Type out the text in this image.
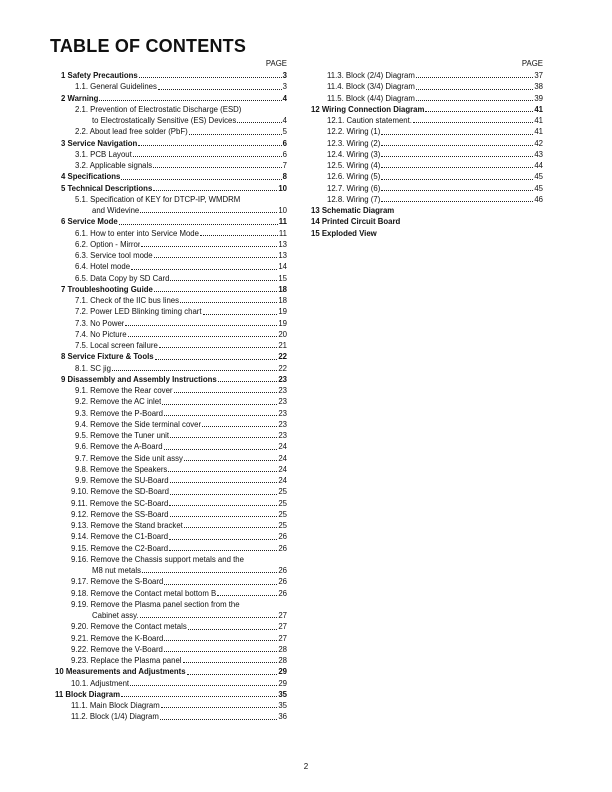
TABLE OF CONTENTS
PAGE
1 Safety Precautions	3
1.1. General Guidelines	3
2 Warning	4
2.1. Prevention of Electrostatic Discharge (ESD)
to Electrostatically Sensitive (ES) Devices	4
2.2. About lead free solder (PbF)	5
3 Service Navigation	6
3.1. PCB Layout	6
3.2. Applicable signals	7
4 Specifications	8
5 Technical Descriptions	10
5.1. Specification of KEY for DTCP-IP, WMDRM
and Widevine	10
6 Service Mode	11
6.1. How to enter into Service Mode	11
6.2. Option - Mirror	13
6.3. Service tool mode	13
6.4. Hotel mode	14
6.5. Data Copy by SD Card	15
7 Troubleshooting Guide	18
7.1. Check of the IIC bus lines	18
7.2. Power LED Blinking timing chart	19
7.3. No Power	19
7.4. No Picture	20
7.5. Local screen failure	21
8 Service Fixture & Tools	22
8.1. SC jig	22
9 Disassembly and Assembly Instructions	23
9.1. Remove the Rear cover	23
9.2. Remove the AC inlet	23
9.3. Remove the P-Board	23
9.4. Remove the Side terminal cover	23
9.5. Remove the Tuner unit	23
9.6. Remove the A-Board	24
9.7. Remove the Side unit assy	24
9.8. Remove the Speakers	24
9.9. Remove the SU-Board	24
9.10. Remove the SD-Board	25
9.11. Remove the SC-Board	25
9.12. Remove the SS-Board	25
9.13. Remove the Stand bracket	25
9.14. Remove the C1-Board	26
9.15. Remove the C2-Board	26
9.16. Remove the Chassis support metals and the
M8 nut metals	26
9.17. Remove the S-Board	26
9.18. Remove the Contact metal bottom B	26
9.19. Remove the Plasma panel section from the
Cabinet assy.	27
9.20. Remove the Contact metals	27
9.21. Remove the K-Board	27
9.22. Remove the V-Board	28
9.23. Replace the Plasma panel	28
10 Measurements and Adjustments	29
10.1. Adjustment	29
11 Block Diagram	35
11.1. Main Block Diagram	35
11.2. Block (1/4) Diagram	36
PAGE
11.3. Block (2/4) Diagram	37
11.4. Block (3/4) Diagram	38
11.5. Block (4/4) Diagram	39
12 Wiring Connection Diagram	41
12.1. Caution statement.	41
12.2. Wiring (1)	41
12.3. Wiring (2)	42
12.4. Wiring (3)	43
12.5. Wiring (4)	44
12.6. Wiring (5)	45
12.7. Wiring (6)	45
12.8. Wiring (7)	46
13 Schematic Diagram
14 Printed Circuit Board
15 Exploded View
2
